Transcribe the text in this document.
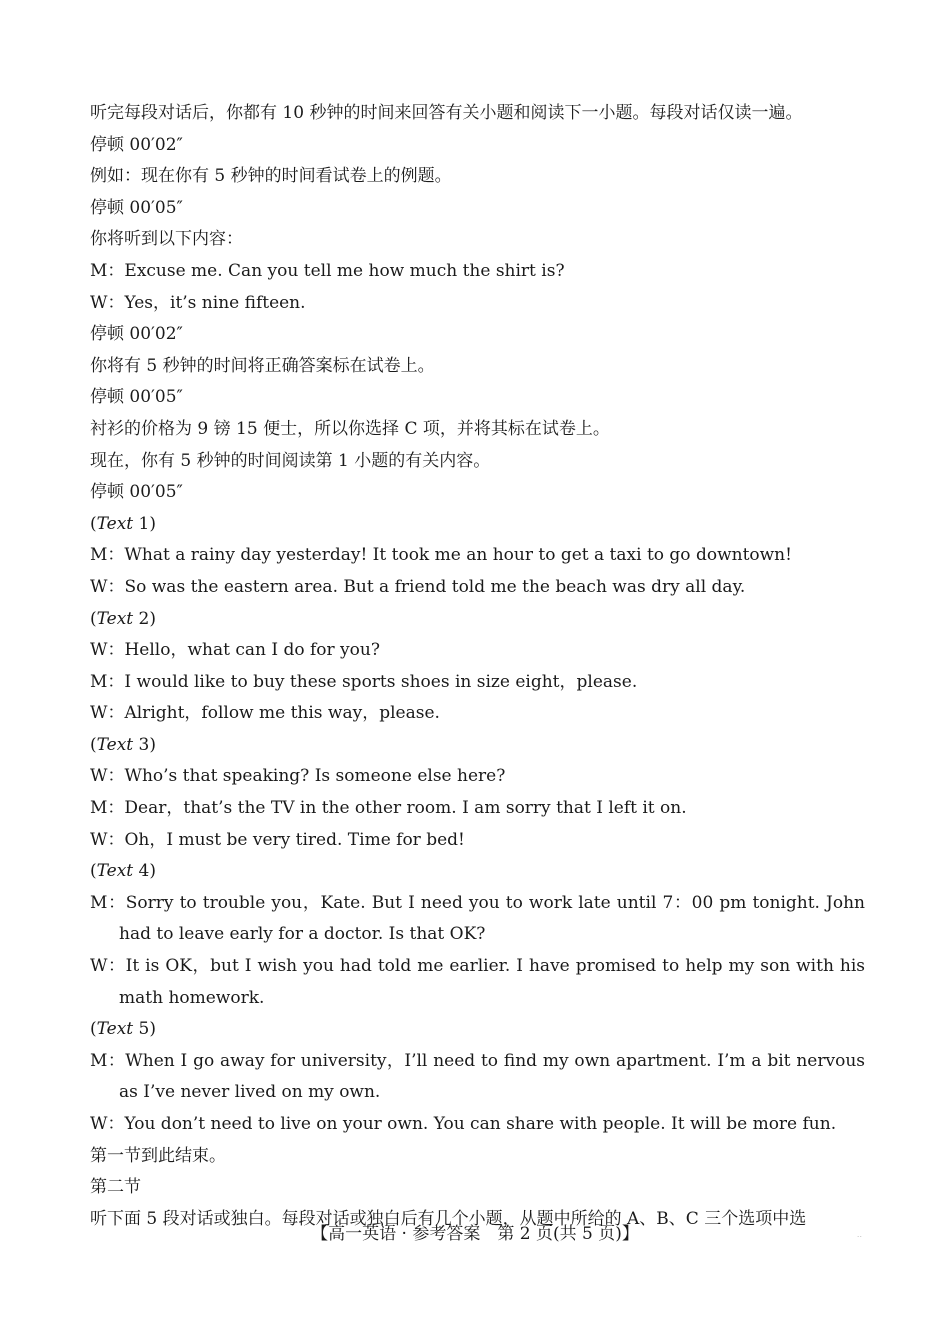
听完每段对话后，你都有 10 秒钟的时间来回答有关小题和阅读下一小题。每段对话仅读一遍。
停顿 00′02″
例如：现在你有 5 秒钟的时间看试卷上的例题。
停顿 00′05″
你将听到以下内容：
M：Excuse me. Can you tell me how much the shirt is?
W：Yes，it’s nine fifteen.
停顿 00′02″
你将有 5 秒钟的时间将正确答案标在试卷上。
停顿 00′05″
衬衫的价格为 9 镑 15 便士，所以你选择 C 项，并将其标在试卷上。
现在，你有 5 秒钟的时间阅读第 1 小题的有关内容。
停顿 00′05″
(Text 1)
M：What a rainy day yesterday! It took me an hour to get a taxi to go downtown!
W：So was the eastern area. But a friend told me the beach was dry all day.
(Text 2)
W：Hello，what can I do for you?
M：I would like to buy these sports shoes in size eight，please.
W：Alright，follow me this way，please.
(Text 3)
W：Who’s that speaking? Is someone else here?
M：Dear，that’s the TV in the other room. I am sorry that I left it on.
W：Oh，I must be very tired. Time for bed!
(Text 4)
M：Sorry to trouble you，Kate. But I need you to work late until 7：00 pm tonight. John had to leave early for a doctor. Is that OK?
W：It is OK，but I wish you had told me earlier. I have promised to help my son with his math homework.
(Text 5)
M：When I go away for university，I’ll need to find my own apartment. I’m a bit nervous as I’ve never lived on my own.
W：You don’t need to live on your own. You can share with people. It will be more fun.
第一节到此结束。
第二节
听下面 5 段对话或独白。每段对话或独白后有几个小题，从题中所给的 A、B、C 三个选项中选
【高一英语 · 参考答案　第 2 页(共 5 页)】	..
